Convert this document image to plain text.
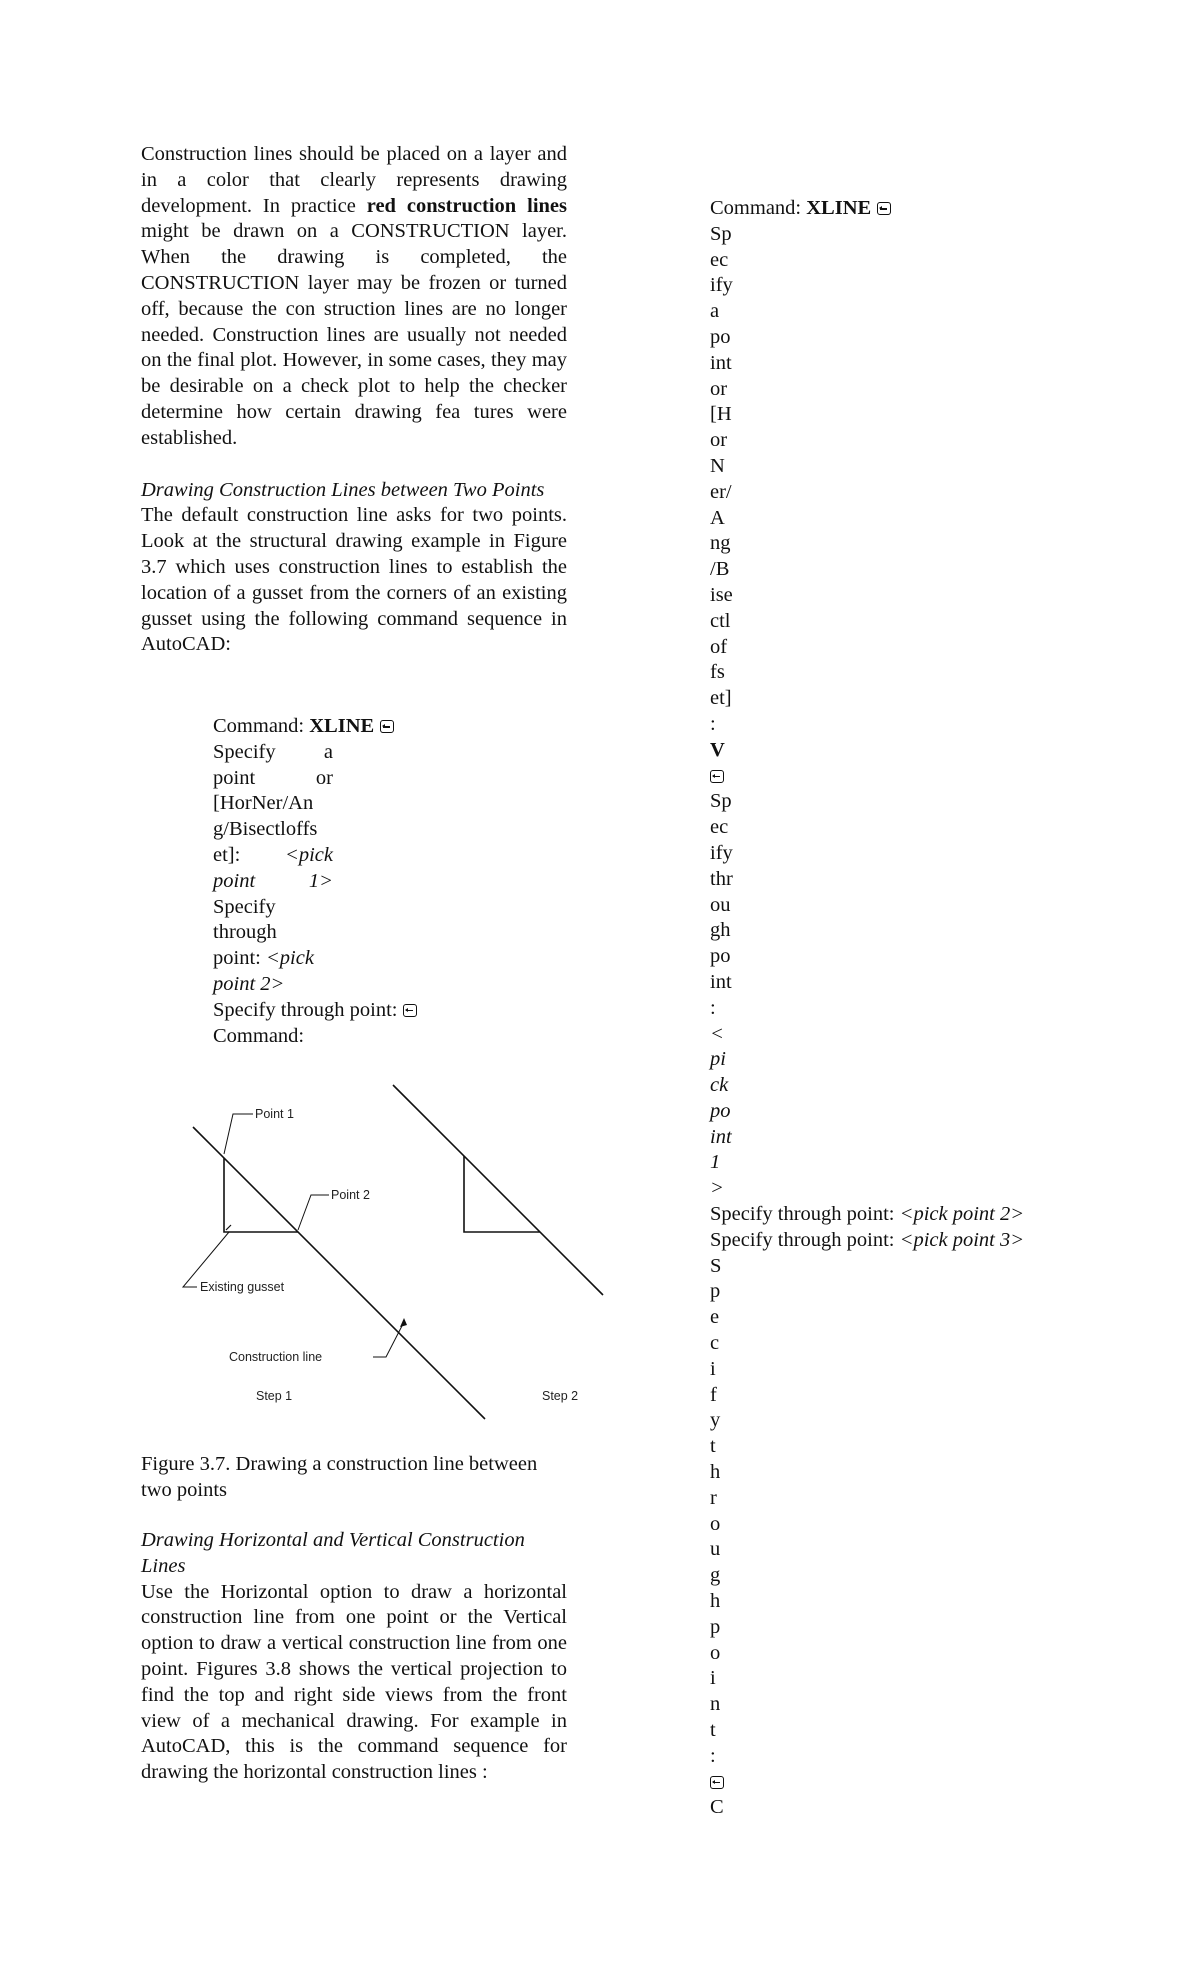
Construction lines should be placed on a layer and in a color that clearly represents drawing development. In practice red construction lines might be drawn on a CONSTRUCTION layer. When the drawing is completed, the CONSTRUCTION layer may be frozen or turned off, because the con struction lines are no longer needed. Construction lines are usually not needed on the final plot. However, in some cases, they may be desirable on a check plot to help the checker determine how certain drawing fea tures were established.

Drawing Construction Lines between Two Points

The default construction line asks for two points. Look at the structural drawing example in Figure 3.7 which uses construction lines to establish the location of a gusset from the corners of an existing gusset using the following command sequence in AutoCAD:

Command: XLINE

Specify a

point or

[HorNer/An

g/Bisectloffs

et]: <pick

point 1>

Specify

through

point: <pick

point 2>

Specify through point:

Command:

Point 1
Point 2
Existing gusset
Construction line
Step 1	Step 2

Figure 3.7. Drawing a construction line between two points

Drawing Horizontal and Vertical Construction Lines

Use the Horizontal option to draw a horizontal construction line from one point or the Vertical option to draw a vertical construction line from one point. Figures 3.8 shows the vertical projection to find the top and right side views from the front view of a mechanical drawing. For example in AutoCAD, this is the command sequence for drawing the horizontal construction lines :

Command: XLINE

Sp

ec

ify

a

po

int

or

[H

or

N

er/

A

ng

/B

ise

ctl

of

fs

et]

:

V

Sp

ec

ify

thr

ou

gh

po

int

:

<

pi

ck

po

int

1

>

Specify through point: <pick point 2>

Specify through point: <pick point 3>

S

p

e

c

i

f

y

t

h

r

o

u

g

h

p

o

i

n

t

:

C
